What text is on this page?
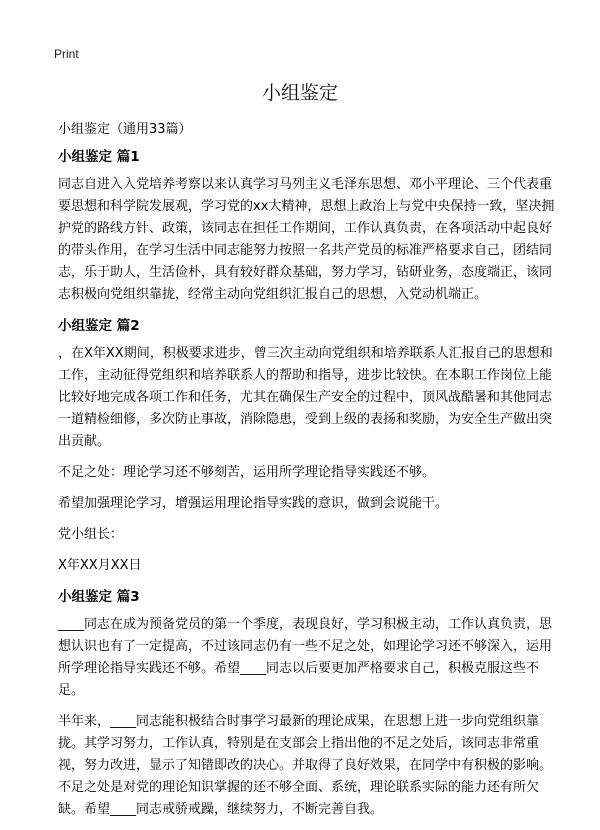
Print
小组鉴定
小组鉴定（通用33篇）
小组鉴定 篇1

同志自进入入党培养考察以来认真学习马列主义毛泽东思想、邓小平理论、三个代表重要思想和科学院发展观，学习党的xx大精神，思想上政治上与党中央保持一致，坚决拥护党的路线方针、政策，该同志在担任工作期间，工作认真负责，在各项活动中起良好的带头作用，在学习生活中同志能努力按照一名共产党员的标准严格要求自己，团结同志，乐于助人，生活俭朴，具有较好群众基础，努力学习，钻研业务，态度端正，该同志积极向党组织靠拢，经常主动向党组织汇报自己的思想，入党动机端正。

小组鉴定 篇2

，在X年XX期间，积极要求进步，曾三次主动向党组织和培养联系人汇报自己的思想和工作，主动征得党组织和培养联系人的帮助和指导，进步比较快。在本职工作岗位上能比较好地完成各项工作和任务，尤其在确保生产安全的过程中，顶风战酷暑和其他同志一道精检细修，多次防止事故，消除隐患，受到上级的表扬和奖励，为安全生产做出突出贡献。

不足之处：理论学习还不够刻苦，运用所学理论指导实践还不够。

希望加强理论学习，增强运用理论指导实践的意识，做到会说能干。

党小组长：

X年XX月XX日

小组鉴定 篇3

____同志在成为预备党员的第一个季度，表现良好，学习积极主动，工作认真负责，思想认识也有了一定提高，不过该同志仍有一些不足之处，如理论学习还不够深入，运用所学理论指导实践还不够。希望____同志以后要更加严格要求自己，积极克服这些不足。

半年来，____同志能积极结合时事学习最新的理论成果，在思想上进一步向党组织靠拢。其学习努力，工作认真，特别是在支部会上指出他的不足之处后，该同志非常重视，努力改进，显示了知错即改的决心。并取得了良好效果，在同学中有积极的影响。不足之处是对党的理论知识掌握的还不够全面、系统，理论联系实际的能力还有所欠缺。希望____同志戒骄戒躁，继续努力，不断完善自我。
